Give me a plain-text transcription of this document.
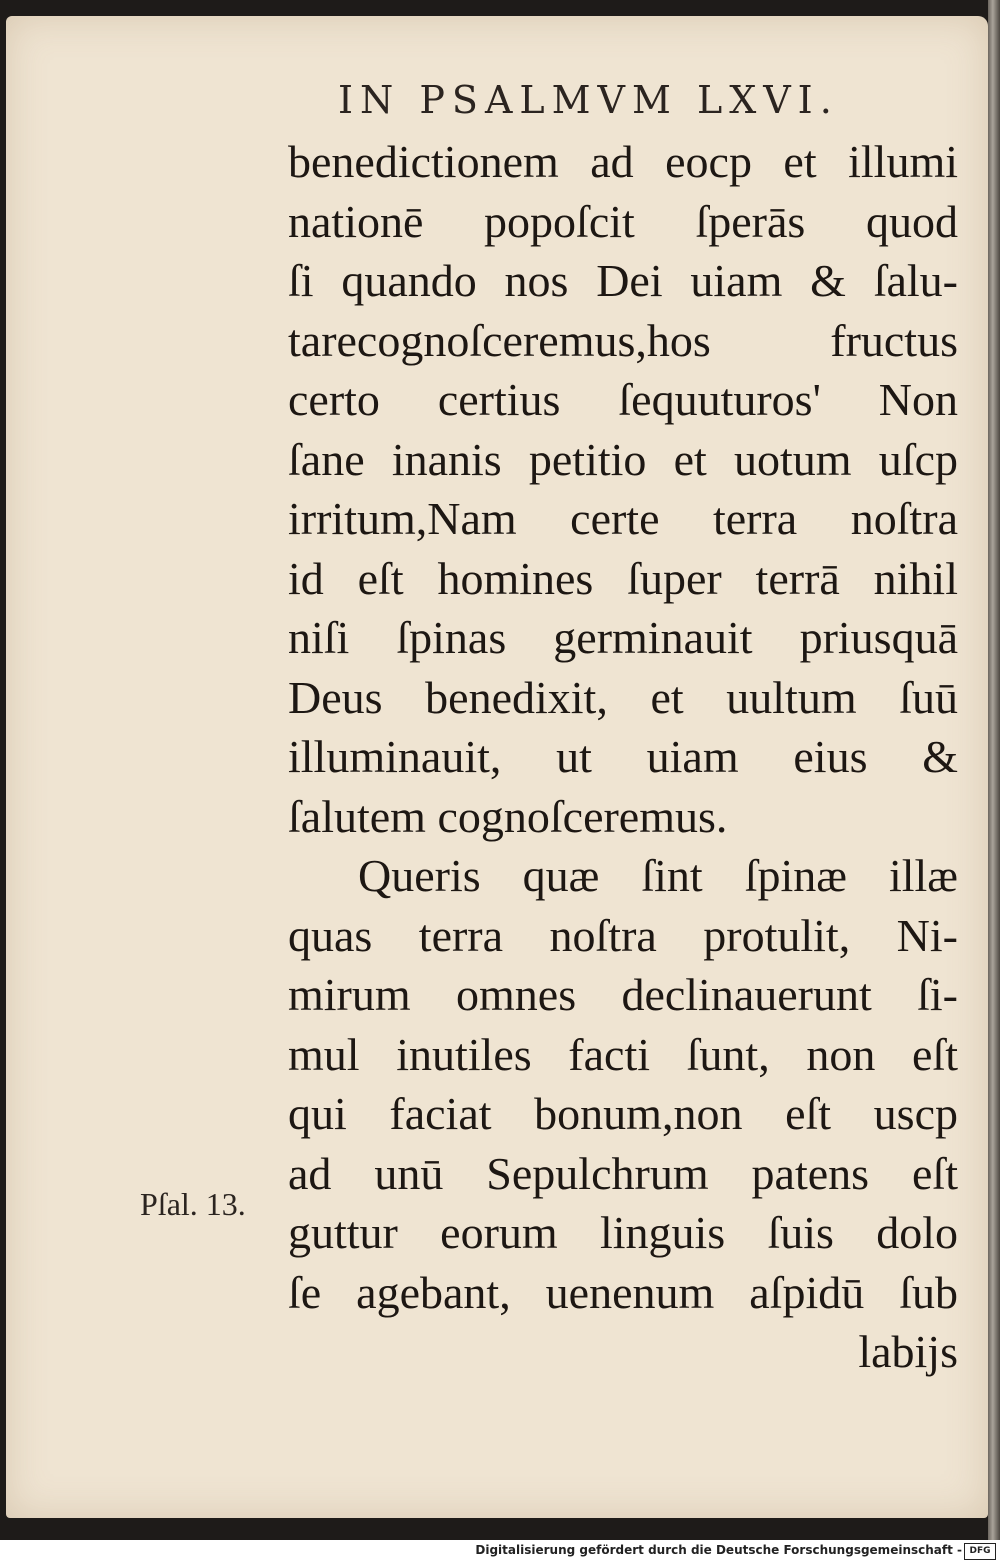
IN PSALMVM LXVI.
Pſal. 13.
benedictionem ad eocp et illumi
nationē popoſcit ſperās quod
ſi quando nos Dei uiam & ſalu-
tarecognoſceremus,hos fructus
certo certius ſequuturos' Non
ſane inanis petitio et uotum uſcp
irritum,Nam certe terra noſtra
id eſt homines ſuper terrā nihil
niſi ſpinas germinauit priusquā
Deus benedixit, et uultum ſuū
illuminauit, ut uiam eius &
ſalutem cognoſceremus.
Queris quæ ſint ſpinæ illæ
quas terra noſtra protulit, Ni-
mirum omnes declinauerunt ſi-
mul inutiles facti ſunt, non eſt
qui faciat bonum,non eſt uscp
ad unū Sepulchrum patens eſt
guttur eorum linguis ſuis dolo
ſe agebant, uenenum aſpidū ſub
labijs
Digitalisierung gefördert durch die Deutsche Forschungsgemeinschaft - DFG
